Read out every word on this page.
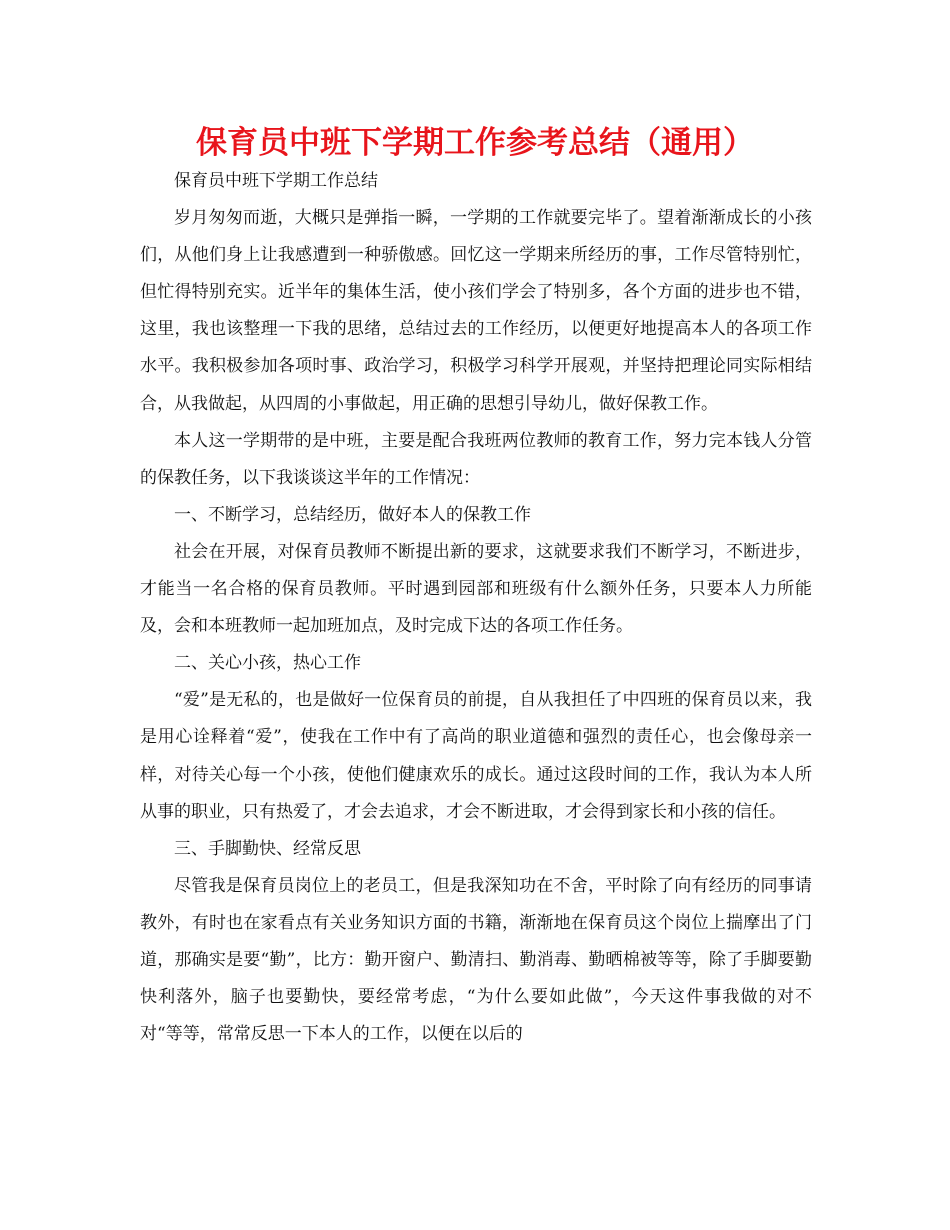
保育员中班下学期工作参考总结（通用）

保育员中班下学期工作总结

岁月匆匆而逝，大概只是弹指一瞬，一学期的工作就要完毕了。望着渐渐成长的小孩们，从他们身上让我感遭到一种骄傲感。回忆这一学期来所经历的事，工作尽管特别忙，但忙得特别充实。近半年的集体生活，使小孩们学会了特别多，各个方面的进步也不错，这里，我也该整理一下我的思绪，总结过去的工作经历，以便更好地提高本人的各项工作水平。我积极参加各项时事、政治学习，积极学习科学开展观，并坚持把理论同实际相结合，从我做起，从四周的小事做起，用正确的思想引导幼儿，做好保教工作。

本人这一学期带的是中班，主要是配合我班两位教师的教育工作，努力完本钱人分管的保教任务，以下我谈谈这半年的工作情况：

一、不断学习，总结经历，做好本人的保教工作

社会在开展，对保育员教师不断提出新的要求，这就要求我们不断学习，不断进步，才能当一名合格的保育员教师。平时遇到园部和班级有什么额外任务，只要本人力所能及，会和本班教师一起加班加点，及时完成下达的各项工作任务。

二、关心小孩，热心工作

“爱”是无私的，也是做好一位保育员的前提，自从我担任了中四班的保育员以来，我是用心诠释着“爱”，使我在工作中有了高尚的职业道德和强烈的责任心，也会像母亲一样，对待关心每一个小孩，使他们健康欢乐的成长。通过这段时间的工作，我认为本人所从事的职业，只有热爱了，才会去追求，才会不断进取，才会得到家长和小孩的信任。

三、手脚勤快、经常反思

尽管我是保育员岗位上的老员工，但是我深知功在不舍，平时除了向有经历的同事请教外，有时也在家看点有关业务知识方面的书籍，渐渐地在保育员这个岗位上揣摩出了门道，那确实是要“勤”，比方：勤开窗户、勤清扫、勤消毒、勤晒棉被等等，除了手脚要勤快利落外，脑子也要勤快，要经常考虑，“为什么要如此做”，今天这件事我做的对不对“等等，常常反思一下本人的工作，以便在以后的
